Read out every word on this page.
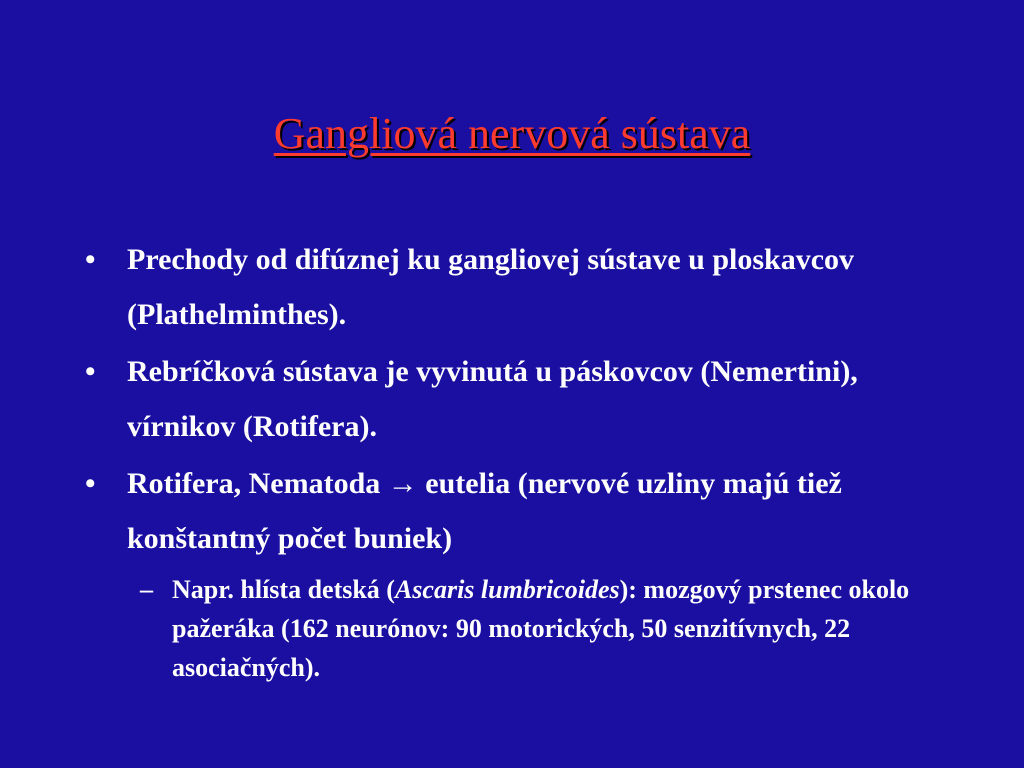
Gangliová nervová sústava
•	Prechody od difúznej ku gangliovej sústave u ploskavcov (Plathelminthes).
•	Rebríčková sústava je vyvinutá u páskovcov (Nemertini), vírnikov (Rotifera).
•	Rotifera, Nematoda → eutelia (nervové uzliny majú tiež konštantný počet buniek)
– Napr. hlísta detská (Ascaris lumbricoides): mozgový prstenec okolo pažeráka (162 neurónov: 90 motorických, 50 senzitívnych, 22 asociačných).
